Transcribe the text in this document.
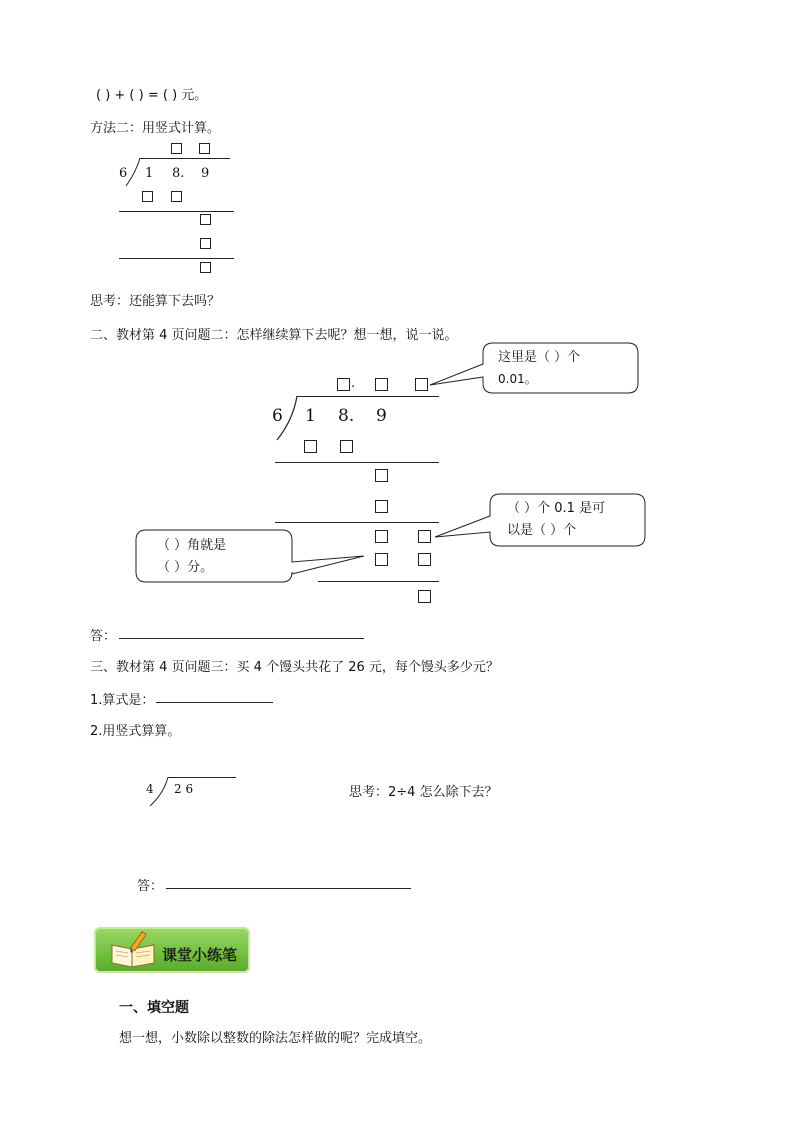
( ) + ( ) = ( ) 元。
方法二：用竖式计算。
6 1 8. 9
思考：还能算下去吗？
二、教材第 4 页问题二：怎样继续算下去呢？想一想，说一说。
.
6 1 8. 9
这里是（ ）个
0.01。
（ ）个 0.1 是可
以是（ ）个
（ ）角就是
（ ）分。
答：
三、教材第 4 页问题三：买 4 个馒头共花了 26 元，每个馒头多少元？
1.算式是：
2.用竖式算算。
4 2 6	思考：2÷4 怎么除下去？
答：
课堂小练笔
一、填空题
想一想，小数除以整数的除法怎样做的呢？完成填空。
